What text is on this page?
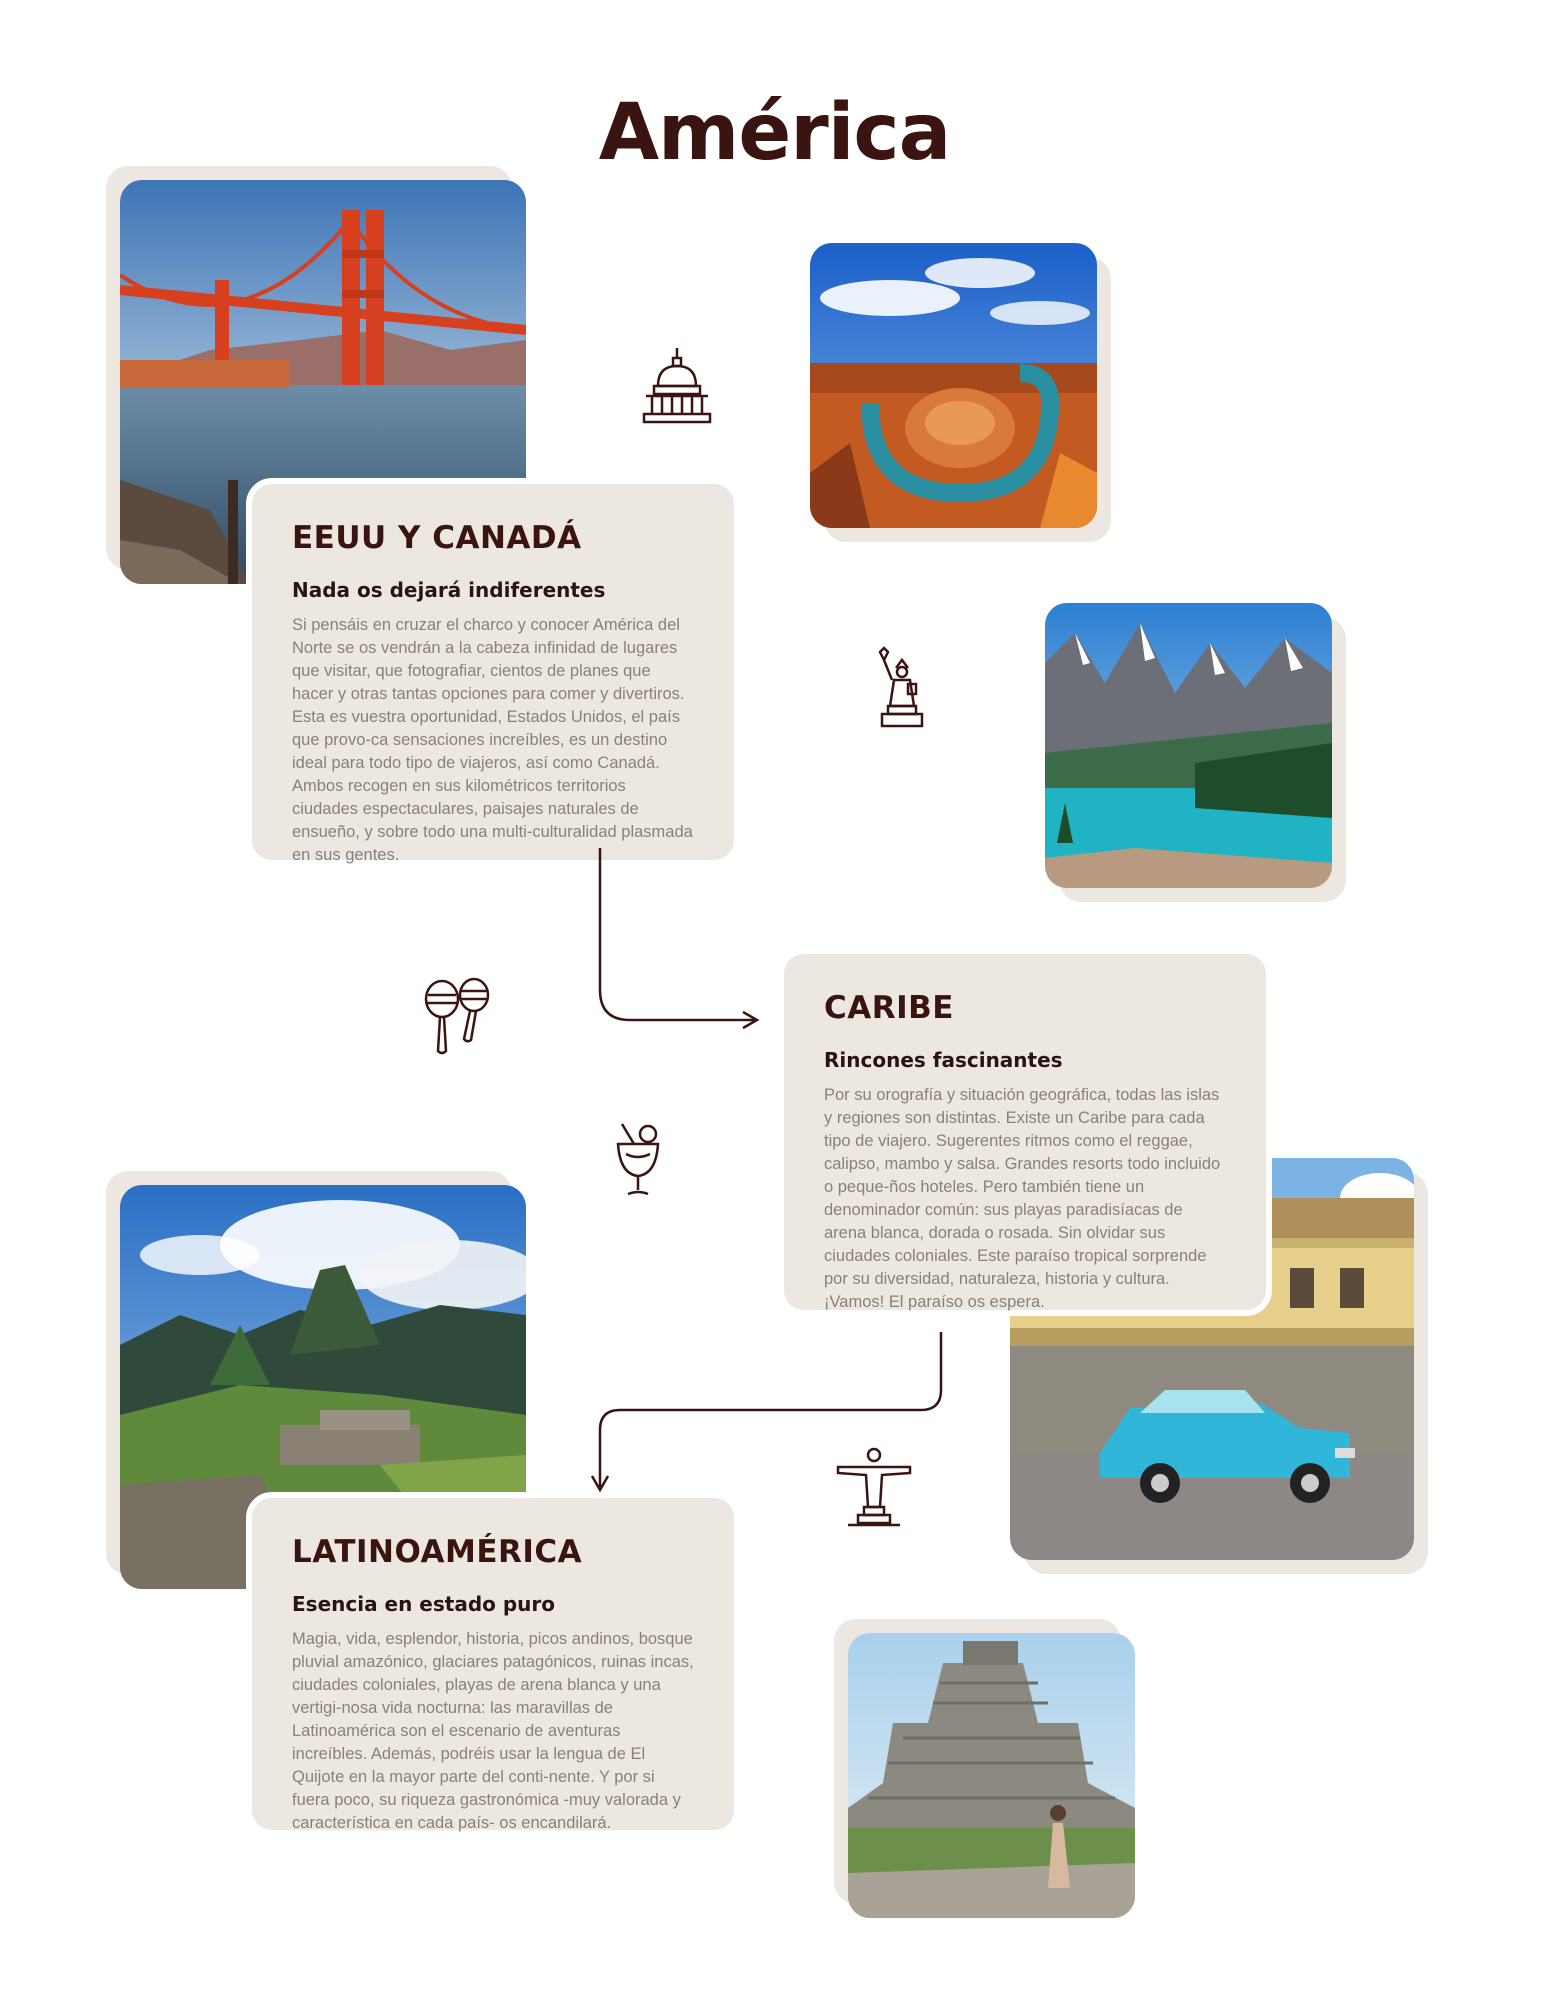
América
EEUU Y CANADÁ
Nada os dejará indiferentes

Si pensáis en cruzar el charco y conocer América del Norte se os vendrán a la cabeza infinidad de lugares que visitar, que fotografiar, cientos de planes que hacer y otras tantas opciones para comer y divertiros. Esta es vuestra oportunidad, Estados Unidos, el país que provo-ca sensaciones increíbles, es un destino ideal para todo tipo de viajeros, así como Canadá. Ambos recogen en sus kilométricos territorios ciudades espectaculares, paisajes naturales de ensueño, y sobre todo una multi-culturalidad plasmada en sus gentes.

CARIBE
Rincones fascinantes

Por su orografía y situación geográfica, todas las islas y regiones son distintas. Existe un Caribe para cada tipo de viajero. Sugerentes ritmos como el reggae, calipso, mambo y salsa. Grandes resorts todo incluido o peque-ños hoteles. Pero también tiene un denominador común: sus playas paradisíacas de arena blanca, dorada o rosada. Sin olvidar sus ciudades coloniales. Este paraíso tropical sorprende por su diversidad, naturaleza, historia y cultura. ¡Vamos! El paraíso os espera.

LATINOAMÉRICA
Esencia en estado puro

Magia, vida, esplendor, historia, picos andinos, bosque pluvial amazónico, glaciares patagónicos, ruinas incas, ciudades coloniales, playas de arena blanca y una vertigi-nosa vida nocturna: las maravillas de Latinoamérica son el escenario de aventuras increíbles. Además, podréis usar la lengua de El Quijote en la mayor parte del conti-nente. Y por si fuera poco, su riqueza gastronómica -muy valorada y característica en cada país- os encandilará.
